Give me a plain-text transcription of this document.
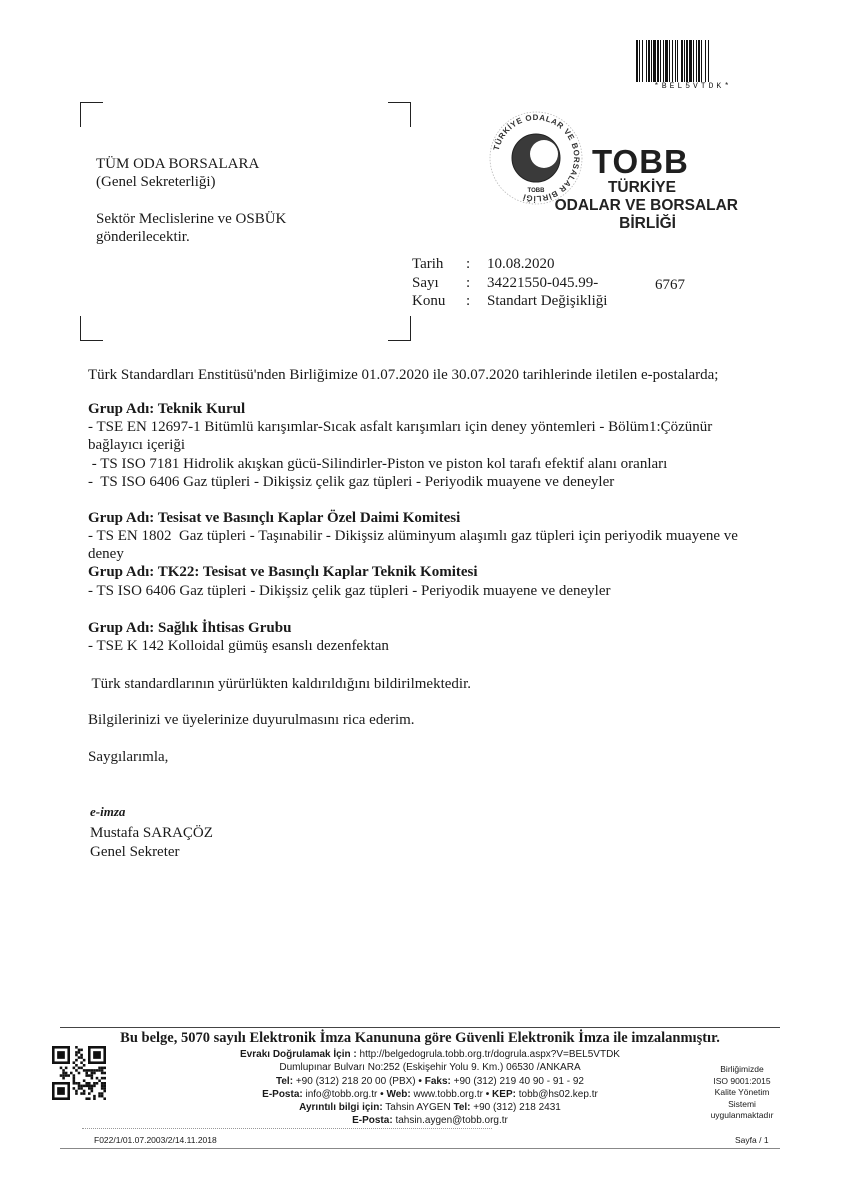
*BEL5VTDK*
TÜM ODA BORSALARA
(Genel Sekreterliği)
Sektör Meclislerine ve OSBÜK
gönderilecektir.
TÜRKİYE ODALAR VE BORSALAR BİRLİĞİ
TOBB
TOBB
TÜRKİYE
ODALAR VE BORSALAR
BİRLİĞİ
Tarih : 10.08.2020
Sayı : 34221550-045.99-	6767
Konu : Standart Değişikliği
Türk Standardları Enstitüsü'nden Birliğimize 01.07.2020 ile 30.07.2020 tarihlerinde iletilen e-postalarda;
Grup Adı: Teknik Kurul
- TSE EN 12697-1 Bitümlü karışımlar-Sıcak asfalt karışımları için deney yöntemleri - Bölüm1:Çözünür
bağlayıcı içeriği
- TS ISO 7181 Hidrolik akışkan gücü-Silindirler-Piston ve piston kol tarafı efektif alanı oranları
-  TS ISO 6406 Gaz tüpleri - Dikişsiz çelik gaz tüpleri - Periyodik muayene ve deneyler
Grup Adı: Tesisat ve Basınçlı Kaplar Özel Daimi Komitesi
- TS EN 1802  Gaz tüpleri - Taşınabilir - Dikişsiz alüminyum alaşımlı gaz tüpleri için periyodik muayene ve
deney
Grup Adı: TK22: Tesisat ve Basınçlı Kaplar Teknik Komitesi
- TS ISO 6406 Gaz tüpleri - Dikişsiz çelik gaz tüpleri - Periyodik muayene ve deneyler
Grup Adı: Sağlık İhtisas Grubu
- TSE K 142 Kolloidal gümüş esanslı dezenfektan
Türk standardlarının yürürlükten kaldırıldığını bildirilmektedir.
Bilgilerinizi ve üyelerinize duyurulmasını rica ederim.
Saygılarımla,
e-imza
Mustafa SARAÇÖZ
Genel Sekreter
Bu belge, 5070 sayılı Elektronik İmza Kanununa göre Güvenli Elektronik İmza ile imzalanmıştır.
Evrakı Doğrulamak İçin : http://belgedogrula.tobb.org.tr/dogrula.aspx?V=BEL5VTDK
Dumlupınar Bulvarı No:252 (Eskişehir Yolu 9. Km.) 06530 /ANKARA
Tel: +90 (312) 218 20 00 (PBX) • Faks: +90 (312) 219 40 90 - 91 - 92
E-Posta: info@tobb.org.tr • Web: www.tobb.org.tr • KEP: tobb@hs02.kep.tr
Ayrıntılı bilgi için: Tahsin AYGEN Tel: +90 (312) 218 2431
E-Posta: tahsin.aygen@tobb.org.tr
Birliğimizde
ISO 9001:2015
Kalite Yönetim
Sistemi
uygulanmaktadır
F022/1/01.07.2003/2/14.11.2018	Sayfa / 1
